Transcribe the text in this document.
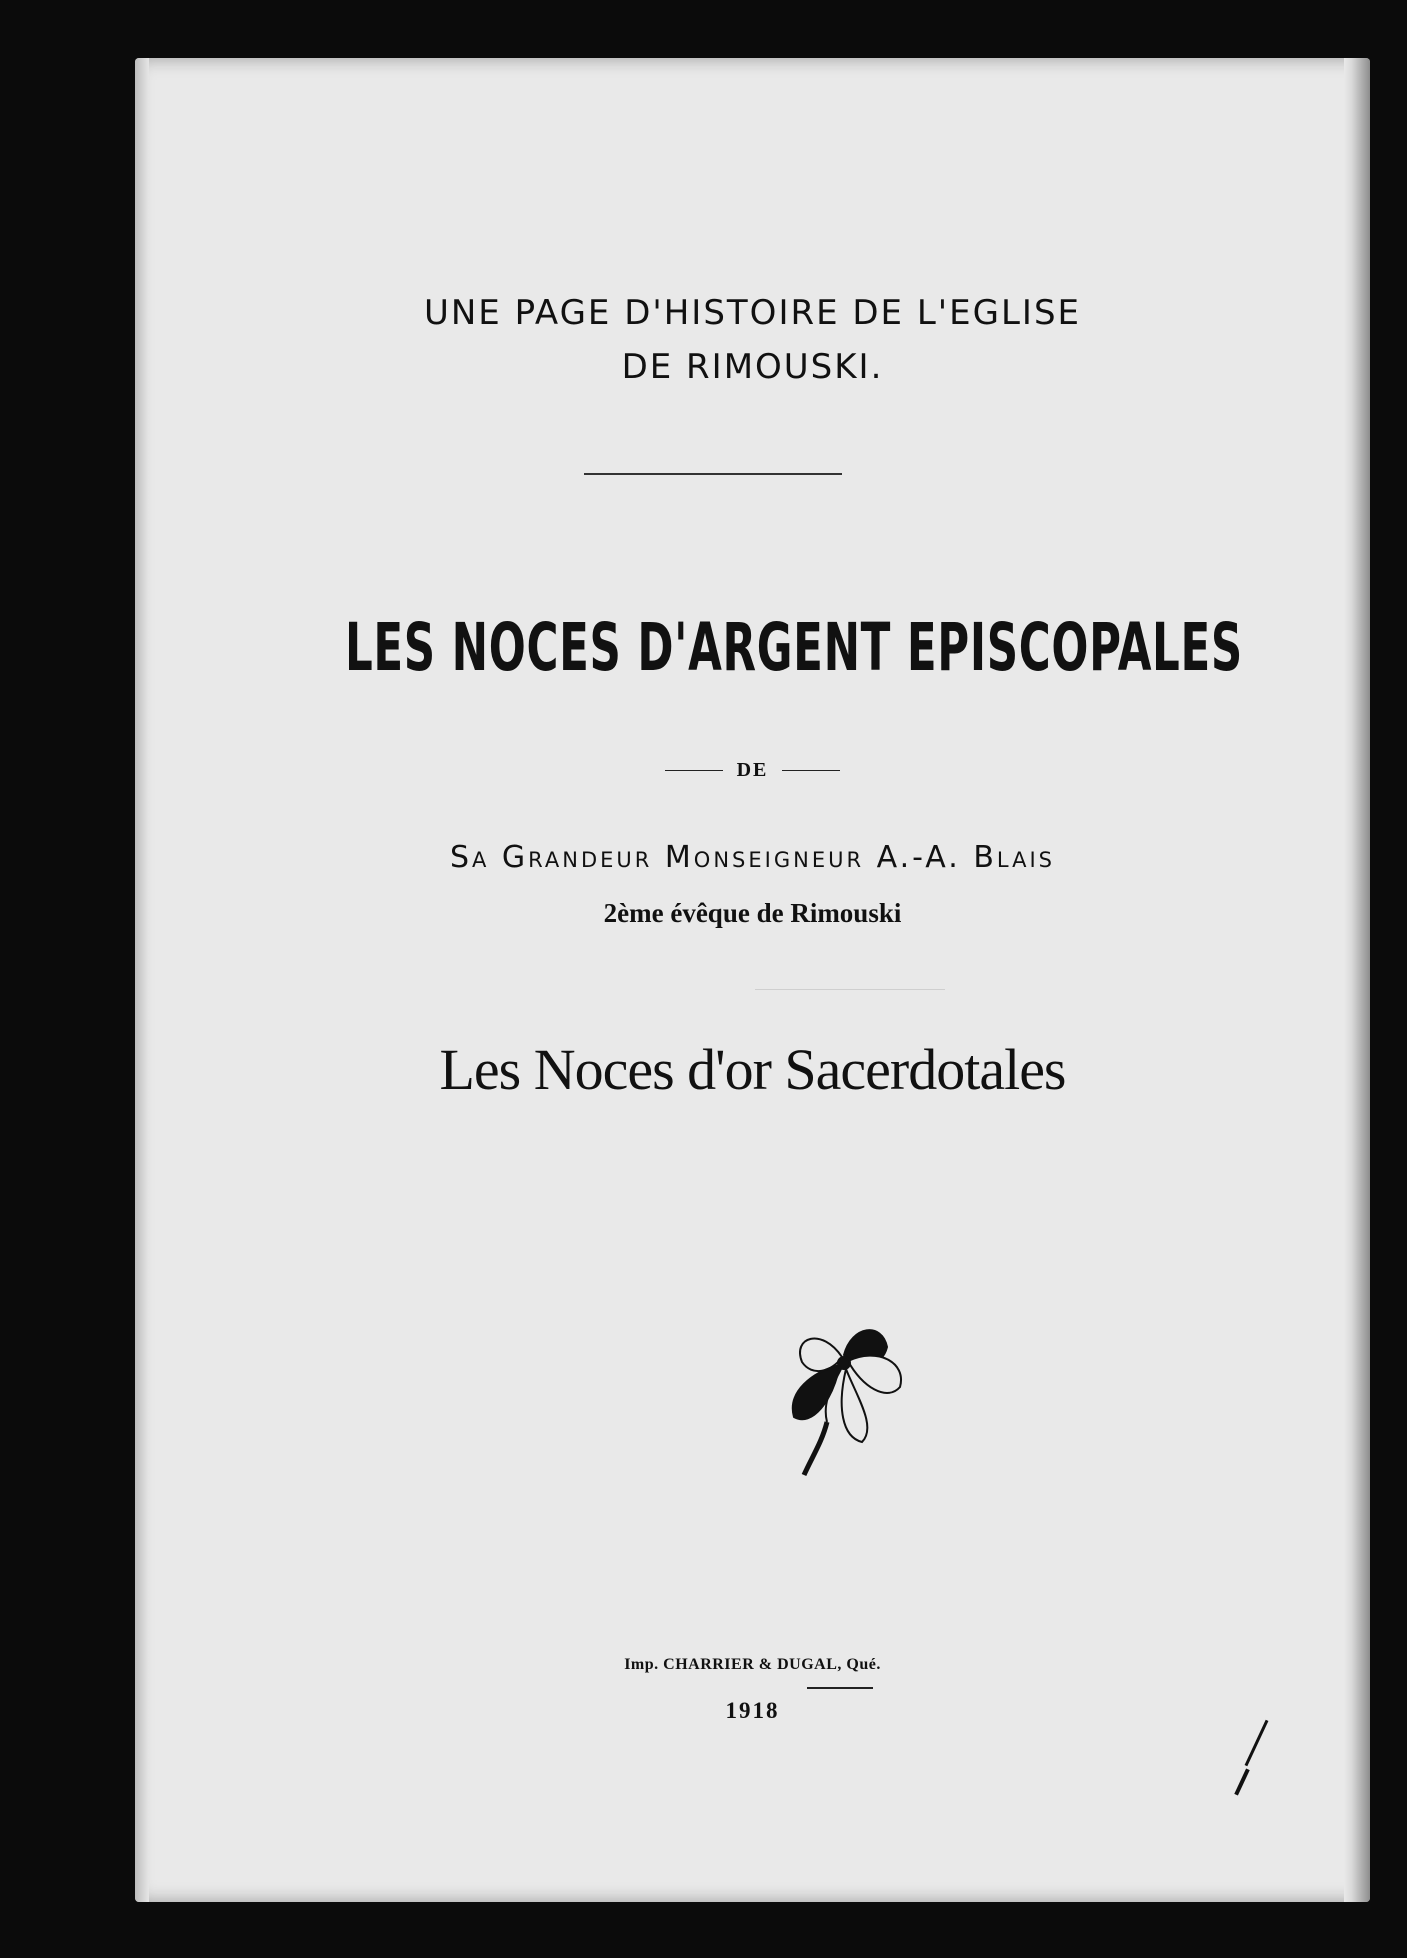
UNE PAGE D'HISTOIRE DE L'EGLISE
DE RIMOUSKI.
LES NOCES D'ARGENT EPISCOPALES
DE
Sa Grandeur Monseigneur A.-A. Blais
2ème évêque de Rimouski
Les Noces d'or Sacerdotales
Imp. CHARRIER & DUGAL, Qué.
1918
